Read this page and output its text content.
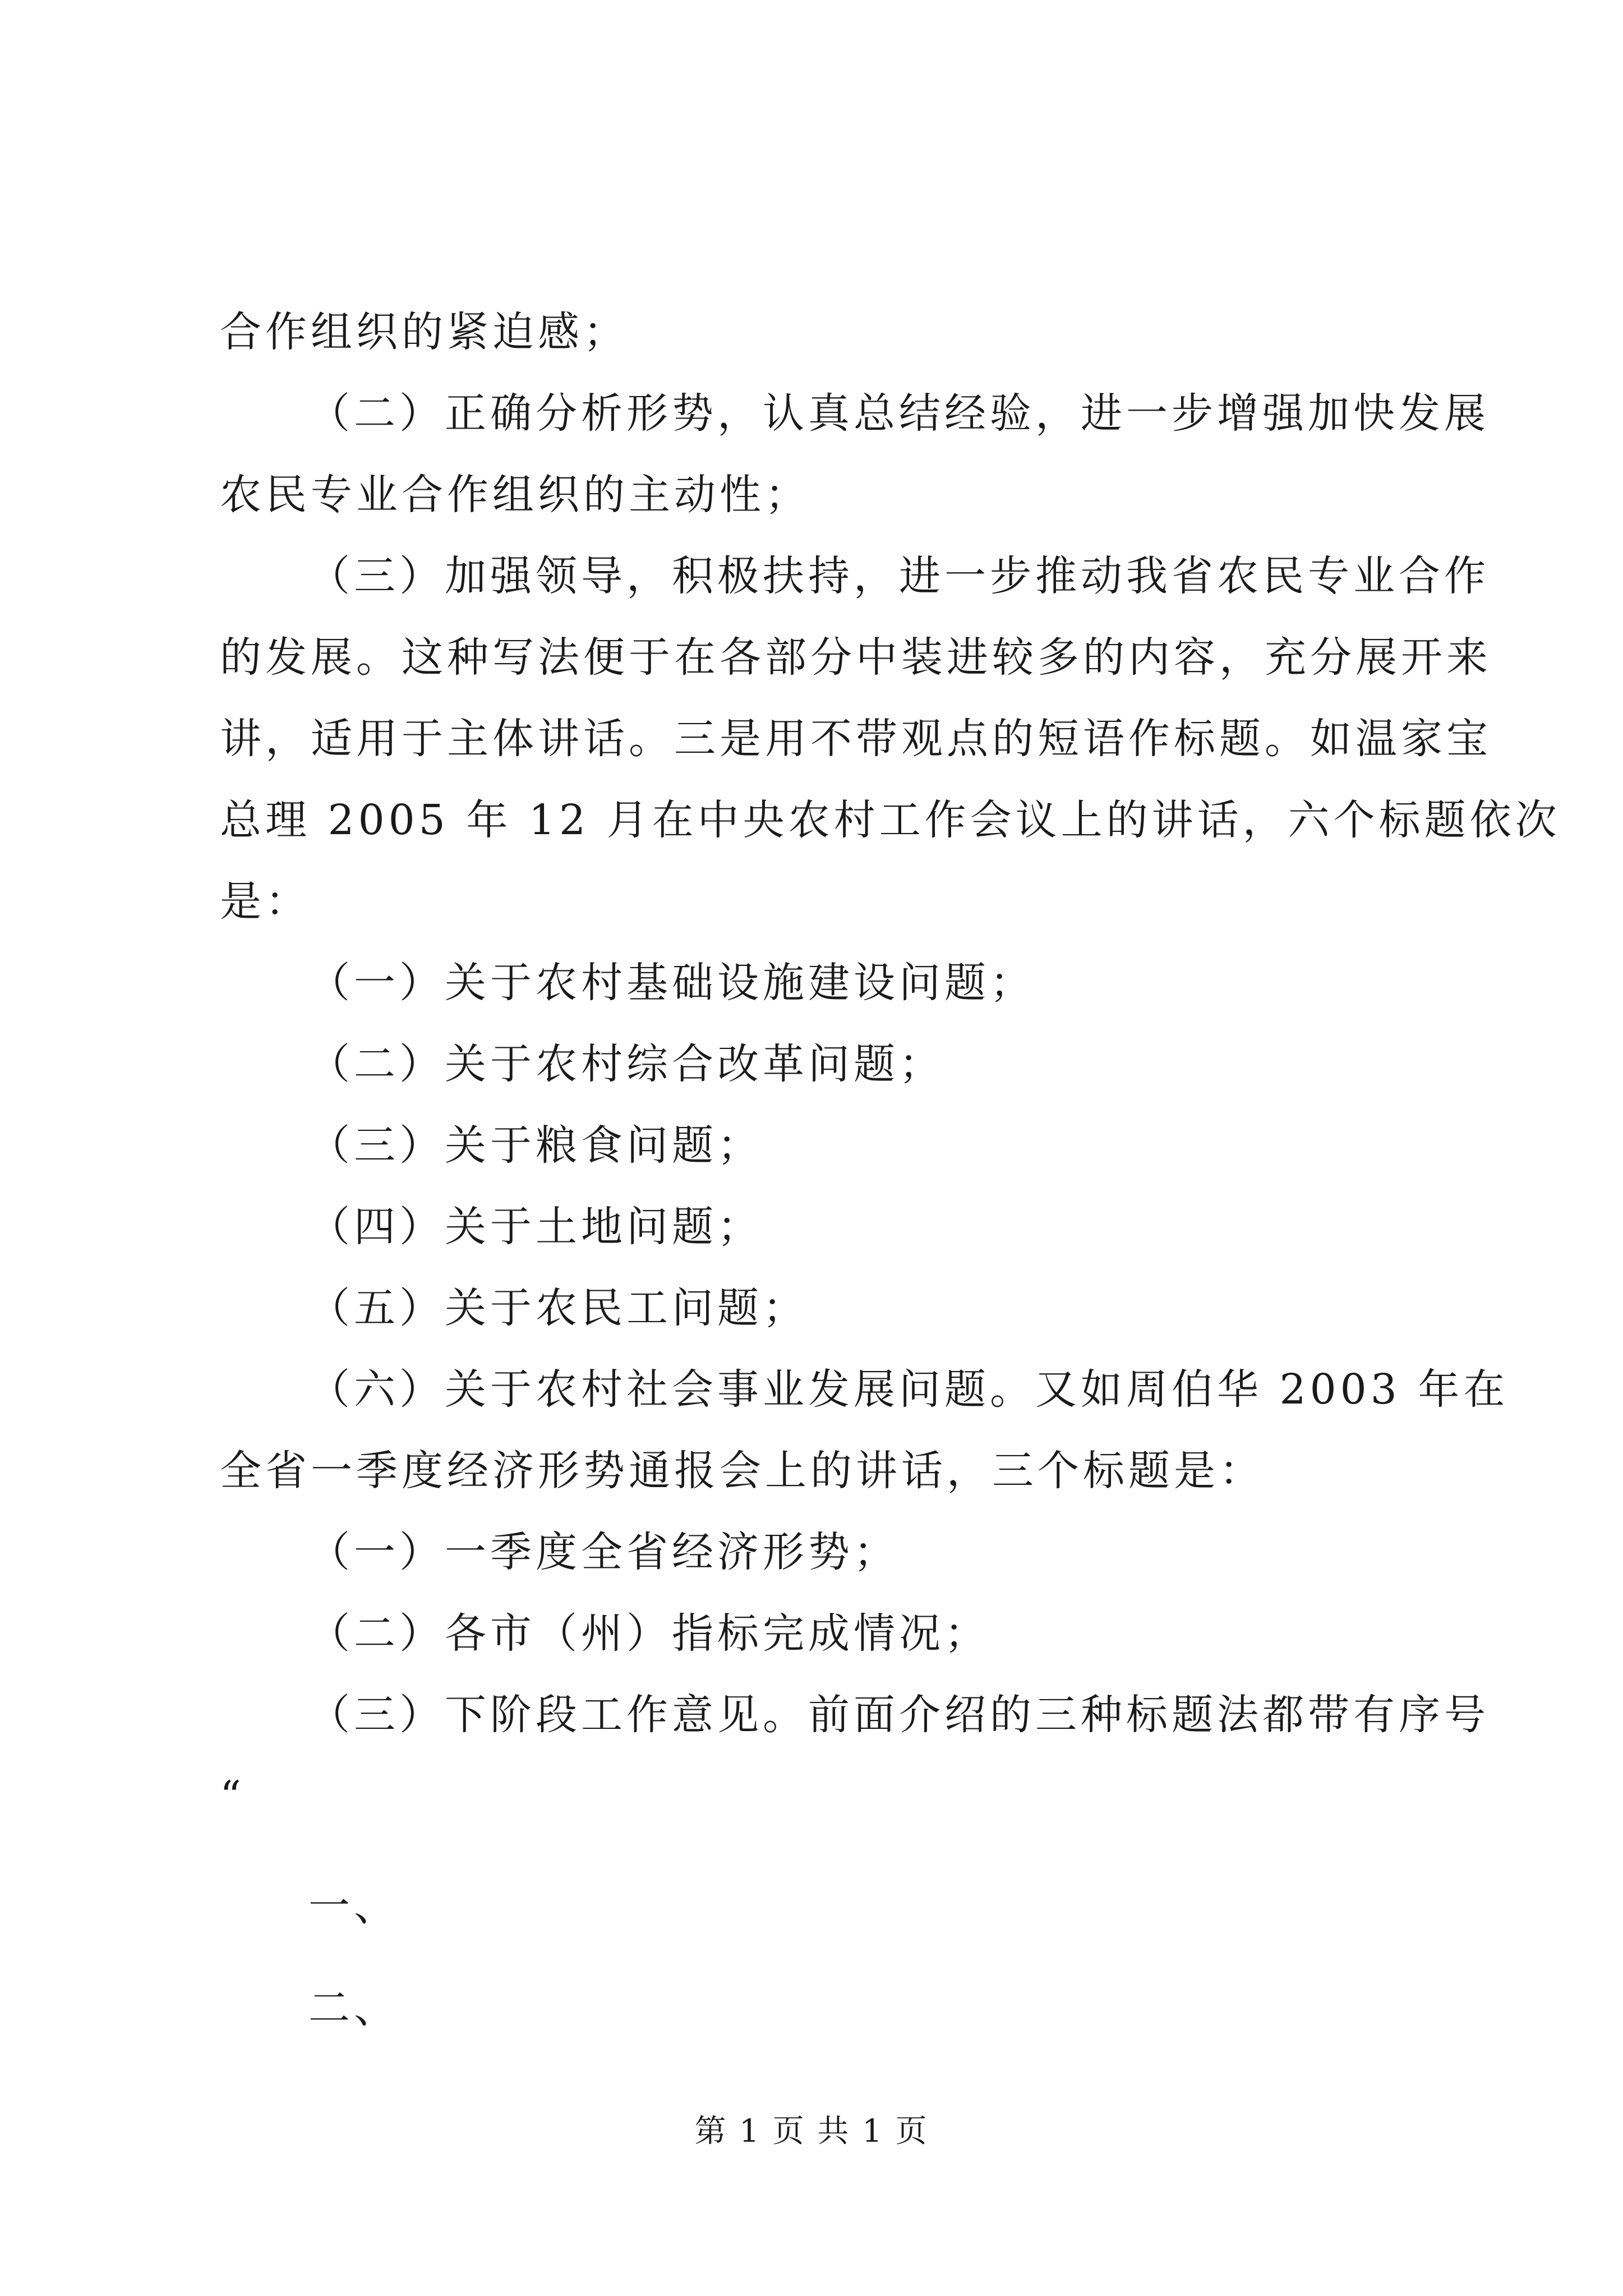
合作组织的紧迫感；
（二）正确分析形势，认真总结经验，进一步增强加快发展
农民专业合作组织的主动性；
（三）加强领导，积极扶持，进一步推动我省农民专业合作
的发展。这种写法便于在各部分中装进较多的内容，充分展开来
讲，适用于主体讲话。三是用不带观点的短语作标题。如温家宝
总理 2005 年 12 月在中央农村工作会议上的讲话，六个标题依次
是：
（一）关于农村基础设施建设问题；
（二）关于农村综合改革问题；
（三）关于粮食问题；
（四）关于土地问题；
（五）关于农民工问题；
（六）关于农村社会事业发展问题。又如周伯华 2003 年在
全省一季度经济形势通报会上的讲话，三个标题是：
（一）一季度全省经济形势；
（二）各市（州）指标完成情况；
（三）下阶段工作意见。前面介绍的三种标题法都带有序号
“
一、
二、
第 1 页 共 1 页
